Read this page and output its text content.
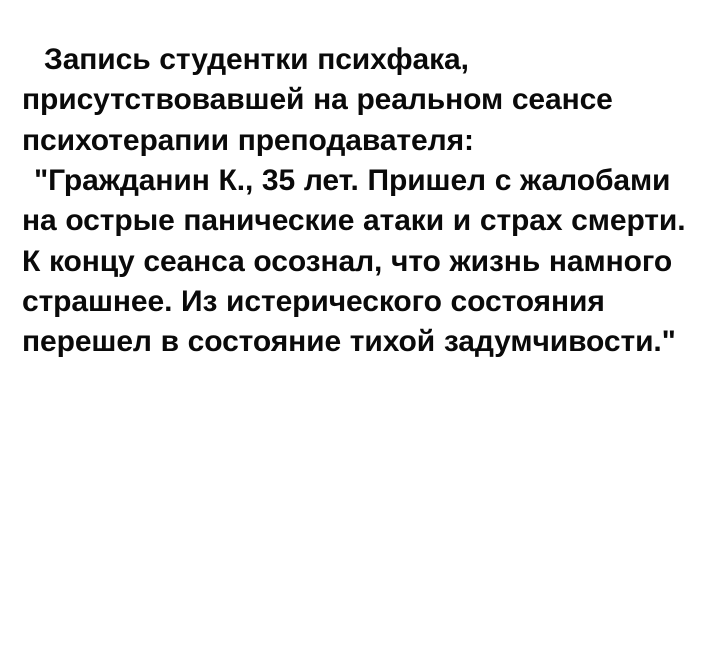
Запись студентки психфака, присутствовавшей на реальном сеансе психотерапии преподавателя:

"Гражданин К., 35 лет. Пришел с жалобами на острые панические атаки и страх смерти. К концу сеанса осознал, что жизнь намного страшнее. Из истерического состояния перешел в состояние тихой задумчивости."
